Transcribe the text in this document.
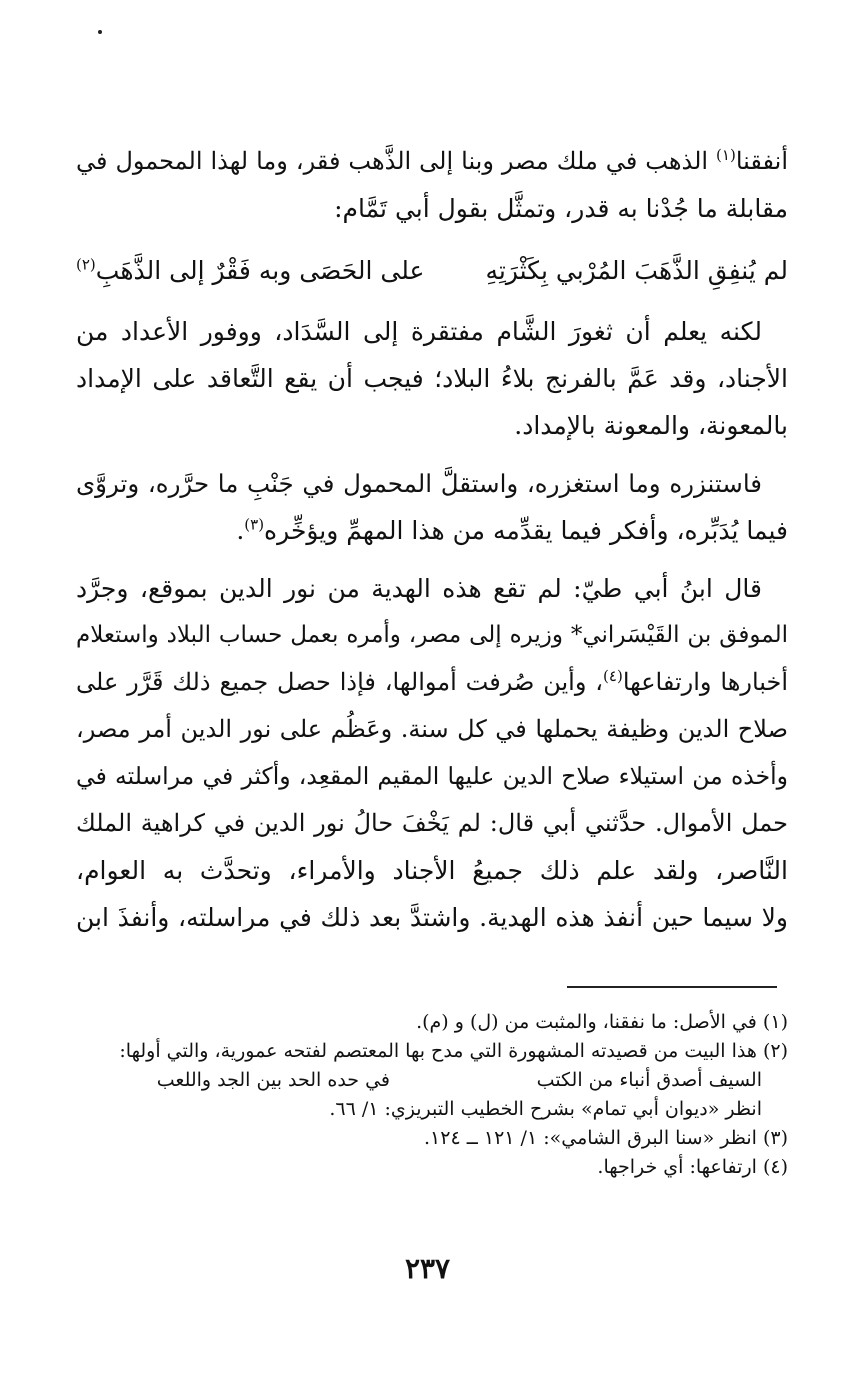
أنفقنا$^{(١)}$ الذهب في ملك مصر وبنا إلى الذَّهب فقر، وما لهذا المحمول في
مقابلة ما جُدْنا به قدر، وتمثَّل بقول أبي تَمَّام:
لم يُنفِقِ الذَّهَبَ المُرْبي بِكَثْرَتِهِ
على الحَصَى وبه فَقْرٌ إلى الذَّهَبِ$^{(٢)}$
لكنه يعلم أن ثغورَ الشَّام مفتقرة إلى السَّدَاد، ووفور الأعداد من
الأجناد، وقد عَمَّ بالفرنج بلاءُ البلاد؛ فيجب أن يقع التَّعاقد على الإمداد
بالمعونة، والمعونة بالإمداد.
فاستنزره وما استغزره، واستقلَّ المحمول في جَنْبِ ما حرَّره، وتروَّى
فيما يُدَبِّره، وأفكر فيما يقدِّمه من هذا المهمِّ ويؤخِّره$^{(٣)}$.
قال ابنُ أبي طيّ: لم تقع هذه الهدية من نور الدين بموقع، وجرَّد
الموفق بن القَيْسَراني* وزيره إلى مصر، وأمره بعمل حساب البلاد واستعلام
أخبارها وارتفاعها$^{(٤)}$، وأين صُرفت أموالها، فإذا حصل جميع ذلك قَرَّر على
صلاح الدين وظيفة يحملها في كل سنة. وعَظُم على نور الدين أمر مصر،
وأخذه من استيلاء صلاح الدين عليها المقيم المقعِد، وأكثر في مراسلته في
حمل الأموال. حدَّثني أبي قال: لم يَخْفَ حالُ نور الدين في كراهية الملك
النَّاصر، ولقد علم ذلك جميعُ الأجناد والأمراء، وتحدَّث به العوام،
ولا سيما حين أنفذ هذه الهدية. واشتدَّ بعد ذلك في مراسلته، وأنفذَ ابن
(١) في الأصل: ما نفقنا، والمثبت من (ل) و (م).
(٢) هذا البيت من قصيدته المشهورة التي مدح بها المعتصم لفتحه عمورية، والتي أولها:
السيف أصدق أنباء من الكتب
في حده الحد بين الجد واللعب
انظر «ديوان أبي تمام» بشرح الخطيب التبريزي: ١/ ٦٦.
(٣) انظر «سنا البرق الشامي»: ١/ ١٢١ ــ ١٢٤.
(٤) ارتفاعها: أي خراجها.
٢٣٧
